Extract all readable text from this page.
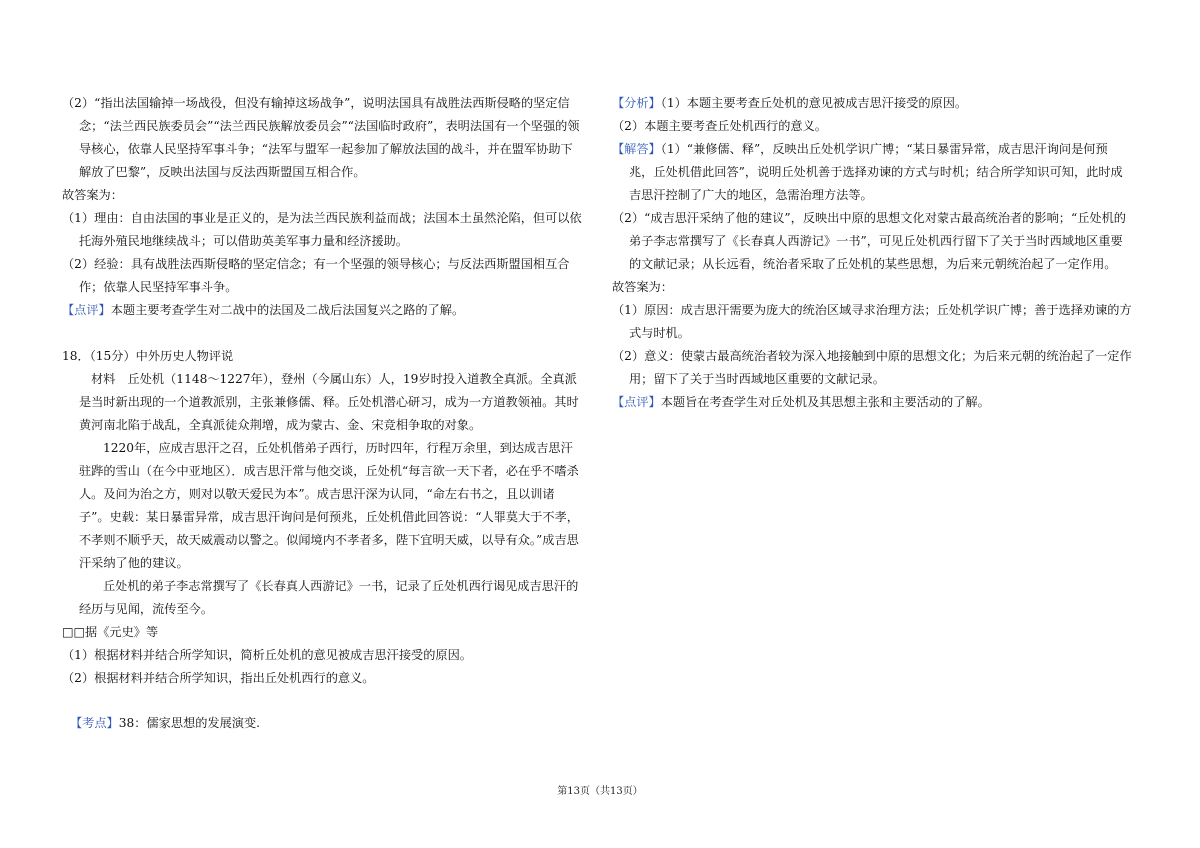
（2）“指出法国输掉一场战役，但没有输掉这场战争”，说明法国具有战胜法西斯侵略的坚定信念；“法兰西民族委员会”“法兰西民族解放委员会”“法国临时政府”，表明法国有一个坚强的领导核心，依靠人民坚持军事斗争；“法军与盟军一起参加了解放法国的战斗，并在盟军协助下解放了巴黎”，反映出法国与反法西斯盟国互相合作。

故答案为：

（1）理由：自由法国的事业是正义的，是为法兰西民族利益而战；法国本土虽然沦陷，但可以依托海外殖民地继续战斗；可以借助英美军事力量和经济援助。

（2）经验：具有战胜法西斯侵略的坚定信念；有一个坚强的领导核心；与反法西斯盟国相互合作；依靠人民坚持军事斗争。

【点评】本题主要考查学生对二战中的法国及二战后法国复兴之路的了解。

18．（15分）中外历史人物评说

材料　丘处机（1148～1227年），登州（今属山东）人，19岁时投入道教全真派。全真派是当时新出现的一个道教派别，主张兼修儒、释。丘处机潜心研习，成为一方道教领袖。其时黄河南北陷于战乱，全真派徒众荆增，成为蒙古、金、宋竞相争取的对象。

1220年，应成吉思汗之召，丘处机偕弟子西行，历时四年，行程万余里，到达成吉思汗驻跸的雪山（在今中亚地区）．成吉思汗常与他交谈，丘处机“每言欲一天下者，必在乎不嗜杀人。及问为治之方，则对以敬天爱民为本”。成吉思汗深为认同，“命左右书之，且以训诸子”。史载：某日暴雷异常，成吉思汗询问是何预兆，丘处机借此回答说：“人罪莫大于不孝，不孝则不顺乎天，故天威震动以警之。似闻境内不孝者多，陛下宜明天威，以导有众。”成吉思汗采纳了他的建议。

丘处机的弟子李志常撰写了《长春真人西游记》一书，记录了丘处机西行谒见成吉思汗的经历与见闻，流传至今。

□□据《元史》等

（1）根据材料并结合所学知识，简析丘处机的意见被成吉思汗接受的原因。

（2）根据材料并结合所学知识，指出丘处机西行的意义。

【考点】38：儒家思想的发展演变.

【分析】（1）本题主要考查丘处机的意见被成吉思汗接受的原因。

（2）本题主要考查丘处机西行的意义。

【解答】（1）“兼修儒、释”，反映出丘处机学识广博；“某日暴雷异常，成吉思汗询问是何预兆，丘处机借此回答”，说明丘处机善于选择劝谏的方式与时机；结合所学知识可知，此时成吉思汗控制了广大的地区，急需治理方法等。

（2）“成吉思汗采纳了他的建议”，反映出中原的思想文化对蒙古最高统治者的影响；“丘处机的弟子李志常撰写了《长春真人西游记》一书”，可见丘处机西行留下了关于当时西域地区重要的文献记录；从长远看，统治者采取了丘处机的某些思想，为后来元朝统治起了一定作用。

故答案为：

（1）原因：成吉思汗需要为庞大的统治区域寻求治理方法；丘处机学识广博；善于选择劝谏的方式与时机。

（2）意义：使蒙古最高统治者较为深入地接触到中原的思想文化；为后来元朝的统治起了一定作用；留下了关于当时西域地区重要的文献记录。

【点评】本题旨在考查学生对丘处机及其思想主张和主要活动的了解。

第13页（共13页）
